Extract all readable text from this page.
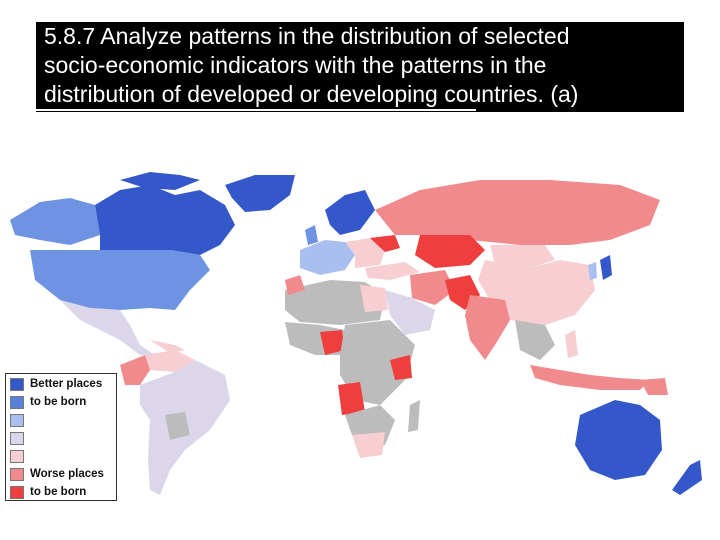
5.8.7 Analyze patterns in the distribution of selected
socio-economic indicators with the patterns in the
distribution of developed or developing countries. (a)
Better places
to be born
Worse places
to be born
